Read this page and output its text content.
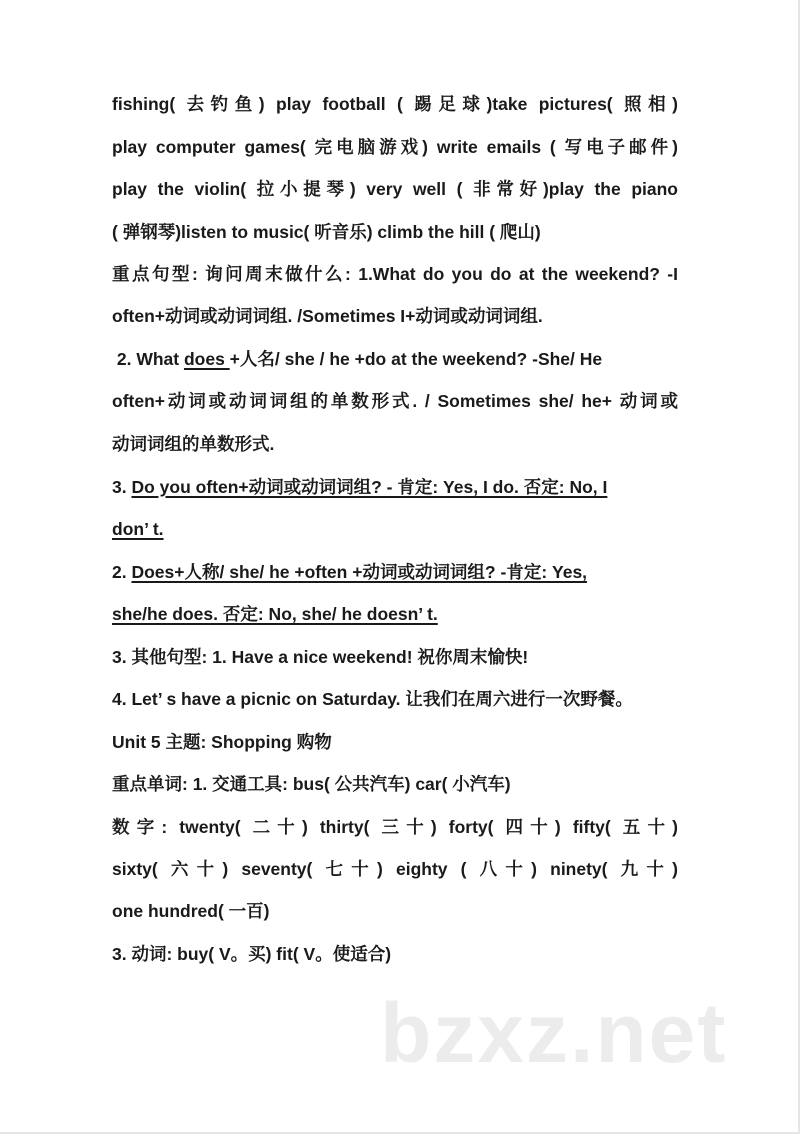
fishing( 去钓鱼) play football ( 踢足球)take pictures( 照相)
play computer games( 完电脑游戏) write emails ( 写电子邮件)
play the violin( 拉小提琴) very well ( 非常好)play the piano
( 弹钢琴)listen to music( 听音乐) climb the hill ( 爬山)
重点句型: 询问周末做什么: 1.What do you do at the weekend? -I
often+动词或动词词组. /Sometimes I+动词或动词词组.
2. What does +人名/ she / he +do at the weekend? -She/ He
often+动词或动词词组的单数形式. / Sometimes she/ he+ 动词或
动词词组的单数形式.
3. Do you often+动词或动词词组? - 肯定: Yes, I do. 否定: No, I
don’ t.
2. Does+人称/ she/ he +often +动词或动词词组? -肯定: Yes,
she/he does. 否定: No, she/ he doesn’ t.
3. 其他句型: 1. Have a nice weekend! 祝你周末愉快!
4. Let’ s have a picnic on Saturday. 让我们在周六进行一次野餐。
Unit 5 主题: Shopping 购物
重点单词: 1. 交通工具: bus( 公共汽车) car( 小汽车)
数字: twenty( 二十) thirty( 三十) forty( 四十) fifty( 五十)
sixty( 六十) seventy( 七十) eighty ( 八十) ninety( 九十)
one hundred( 一百)
3. 动词: buy( V。买) fit( V。使适合)
bzxz.net
